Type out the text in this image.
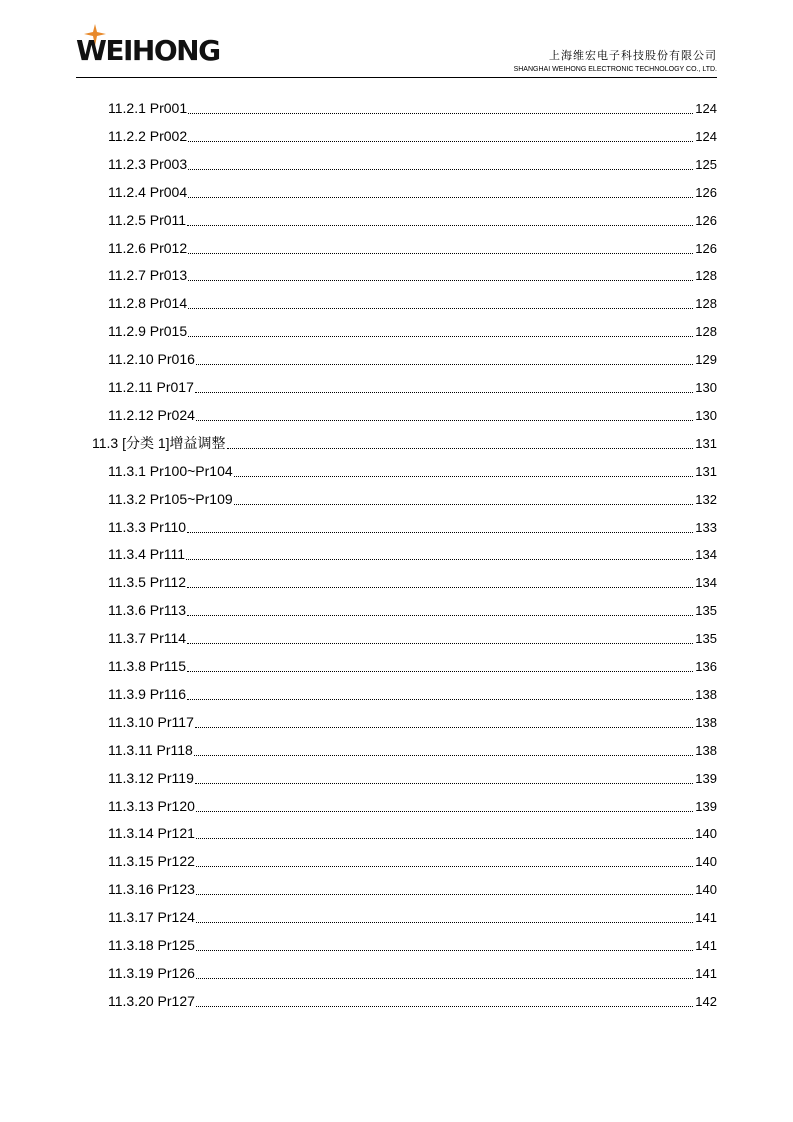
WEIHONG	上海维宏电子科技股份有限公司
SHANGHAI WEIHONG ELECTRONIC TECHNOLOGY CO., LTD.
11.2.1 Pr001	124
11.2.2 Pr002	124
11.2.3 Pr003	125
11.2.4 Pr004	126
11.2.5 Pr011	126
11.2.6 Pr012	126
11.2.7 Pr013	128
11.2.8 Pr014	128
11.2.9 Pr015	128
11.2.10 Pr016	129
11.2.11 Pr017	130
11.2.12 Pr024	130
11.3 [分类 1]增益调整	131
11.3.1 Pr100~Pr104	131
11.3.2 Pr105~Pr109	132
11.3.3 Pr110	133
11.3.4 Pr111	134
11.3.5 Pr112	134
11.3.6 Pr113	135
11.3.7 Pr114	135
11.3.8 Pr115	136
11.3.9 Pr116	138
11.3.10 Pr117	138
11.3.11 Pr118	138
11.3.12 Pr119	139
11.3.13 Pr120	139
11.3.14 Pr121	140
11.3.15 Pr122	140
11.3.16 Pr123	140
11.3.17 Pr124	141
11.3.18 Pr125	141
11.3.19 Pr126	141
11.3.20 Pr127	142
